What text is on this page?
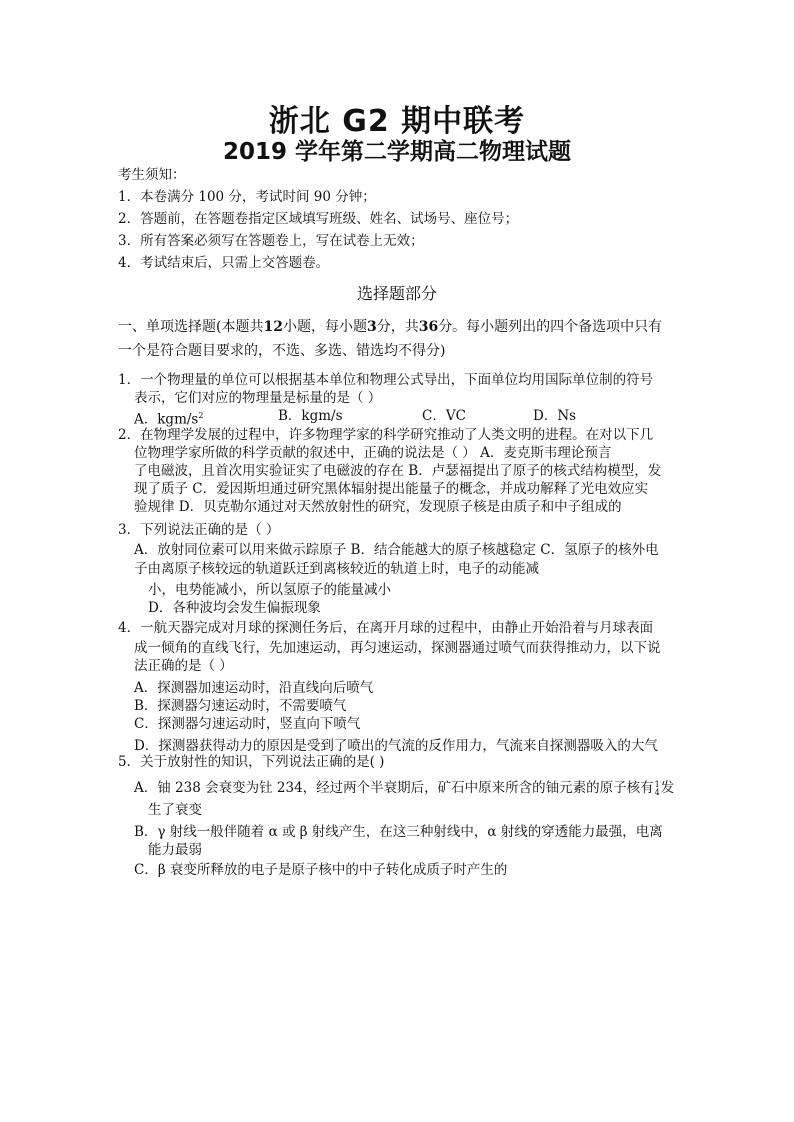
浙北 G2 期中联考
2019 学年第二学期高二物理试题
考生须知：
1．本卷满分 100 分，考试时间 90 分钟；
2．答题前，在答题卷指定区域填写班级、姓名、试场号、座位号；
3．所有答案必须写在答题卷上，写在试卷上无效；
4．考试结束后，只需上交答题卷。
选择题部分
一、单项选择题(本题共12小题，每小题3分，共36分。每小题列出的四个备选项中只有
一个是符合题目要求的，不选、多选、错选均不得分)
1．一个物理量的单位可以根据基本单位和物理公式导出，下面单位均用国际单位制的符号
表示，它们对应的物理量是标量的是（ ）
A．kgm/$s^2$	B．kgm/s	C．VC	D．Ns
2．在物理学发展的过程中，许多物理学家的科学研究推动了人类文明的进程。在对以下几
位物理学家所做的科学贡献的叙述中，正确的说法是（ ） A．麦克斯韦理论预言
了电磁波，且首次用实验证实了电磁波的存在 B．卢瑟福提出了原子的核式结构模型，发
现了质子 C．爱因斯坦通过研究黑体辐射提出能量子的概念，并成功解释了光电效应实
验规律 D．贝克勒尔通过对天然放射性的研究，发现原子核是由质子和中子组成的
3．下列说法正确的是（ ）
A．放射同位素可以用来做示踪原子 B．结合能越大的原子核越稳定 C．氢原子的核外电
子由离原子核较远的轨道跃迁到离核较近的轨道上时，电子的动能减
小，电势能减小，所以氢原子的能量减小
D．各种波均会发生偏振现象
4．一航天器完成对月球的探测任务后，在离开月球的过程中，由静止开始沿着与月球表面
成一倾角的直线飞行，先加速运动，再匀速运动，探测器通过喷气而获得推动力，以下说
法正确的是（ ）
A．探测器加速运动时，沿直线向后喷气
B．探测器匀速运动时，不需要喷气
C．探测器匀速运动时，竖直向下喷气
D．探测器获得动力的原因是受到了喷出的气流的反作用力，气流来自探测器吸入的大气
5．关于放射性的知识，下列说法正确的是( )
A．铀 238 会衰变为钍 234，经过两个半衰期后，矿石中原来所含的铀元素的原子核有 1
4 发
生了衰变
B．γ 射线一般伴随着 α 或 β 射线产生，在这三种射线中，α 射线的穿透能力最强，电离
能力最弱
C．β 衰变所释放的电子是原子核中的中子转化成质子时产生的
